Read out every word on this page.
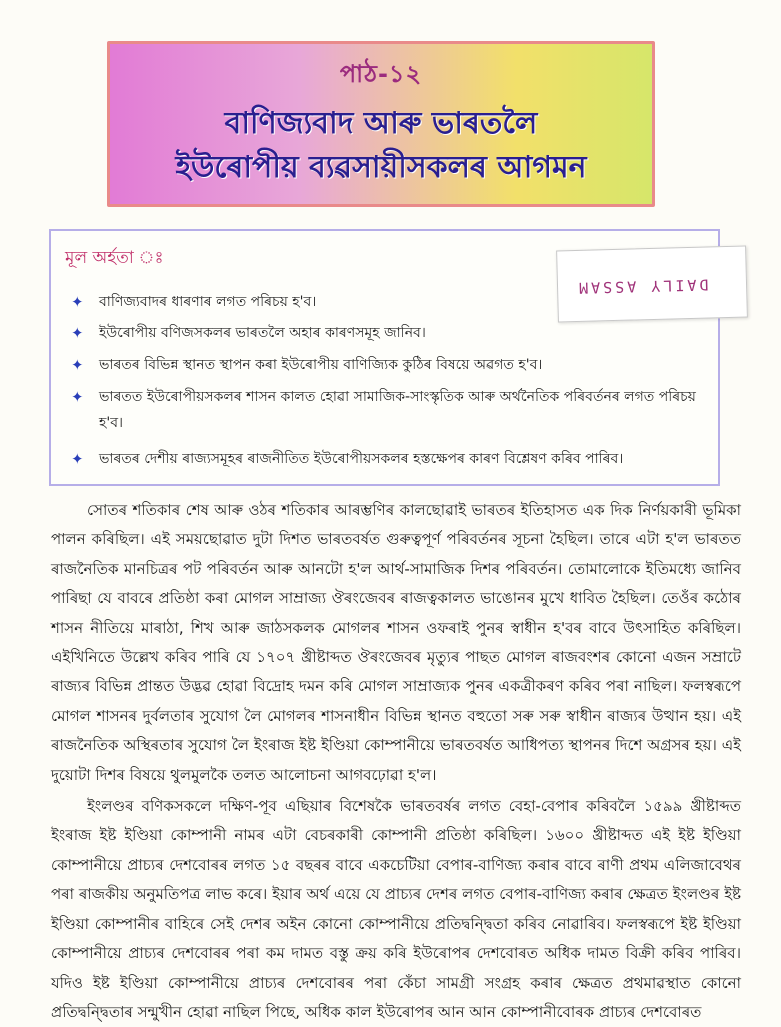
পাঠ-১২
বাণিজ্যবাদ আৰু ভাৰতলৈ
ইউৰোপীয় ব্যৱসায়ীসকলৰ আগমন
মূল অৰ্হতা ঃ
✦	বাণিজ্যবাদৰ ধাৰণাৰ লগত পৰিচয় হ'ব।
✦	ইউৰোপীয় বণিজসকলৰ ভাৰতলৈ অহাৰ কাৰণসমূহ জানিব।
✦	ভাৰতৰ বিভিন্ন স্থানত স্থাপন কৰা ইউৰোপীয় বাণিজ্যিক কুঠিৰ বিষয়ে অৱগত হ'ব।
✦	ভাৰতত ইউৰোপীয়সকলৰ শাসন কালত হোৱা সামাজিক-সাংস্কৃতিক আৰু অৰ্থনৈতিক পৰিবৰ্তনৰ লগত পৰিচয় হ'ব।
✦	ভাৰতৰ দেশীয় ৰাজ্যসমূহৰ ৰাজনীতিত ইউৰোপীয়সকলৰ হস্তক্ষেপৰ কাৰণ বিশ্লেষণ কৰিব পাৰিব।
DAILY ASSAM

সোতৰ শতিকাৰ শেষ আৰু ওঠৰ শতিকাৰ আৰম্ভণিৰ কালছোৱাই ভাৰতৰ ইতিহাসত এক দিক নিৰ্ণয়কাৰী ভূমিকা পালন কৰিছিল। এই সময়ছোৱাত দুটা দিশত ভাৰতবৰ্ষত গুৰুত্বপূৰ্ণ পৰিবৰ্তনৰ সূচনা হৈছিল। তাৰে এটা হ'ল ভাৰতত ৰাজনৈতিক মানচিত্ৰৰ পট পৰিবৰ্তন আৰু আনটো হ'ল আৰ্থ-সামাজিক দিশৰ পৰিবৰ্তন। তোমালোকে ইতিমধ্যে জানিব পাৰিছা যে বাবৰে প্ৰতিষ্ঠা কৰা মোগল সাম্ৰাজ্য ঔৰংজেবৰ ৰাজত্বকালত ভাঙোনৰ মুখে ধাবিত হৈছিল। তেওঁৰ কঠোৰ শাসন নীতিয়ে মাৰাঠা, শিখ আৰু জাঠসকলক মোগলৰ শাসন ওফৰাই পুনৰ স্বাধীন হ'বৰ বাবে উৎসাহিত কৰিছিল। এইখিনিতে উল্লেখ কৰিব পাৰি যে ১৭০৭ খ্ৰীষ্টাব্দত ঔৰংজেবৰ মৃত্যুৰ পাছত মোগল ৰাজবংশৰ কোনো এজন সম্ৰাটে ৰাজ্যৰ বিভিন্ন প্ৰান্তত উদ্ভৱ হোৱা বিদ্ৰোহ দমন কৰি মোগল সাম্ৰাজ্যক পুনৰ একত্ৰীকৰণ কৰিব পৰা নাছিল। ফলস্বৰূপে মোগল শাসনৰ দুৰ্বলতাৰ সুযোগ লৈ মোগলৰ শাসনাধীন বিভিন্ন স্থানত বহুতো সৰু সৰু স্বাধীন ৰাজ্যৰ উত্থান হয়। এই ৰাজনৈতিক অস্থিৰতাৰ সুযোগ লৈ ইংৰাজ ইষ্ট ইণ্ডিয়া কোম্পানীয়ে ভাৰতবৰ্ষত আধিপত্য স্থাপনৰ দিশে অগ্ৰসৰ হয়। এই দুয়োটা দিশৰ বিষয়ে থুলমুলকৈ তলত আলোচনা আগবঢ়োৱা হ'ল।

ইংলণ্ডৰ বণিকসকলে দক্ষিণ-পূব এছিয়াৰ বিশেষকৈ ভাৰতবৰ্ষৰ লগত বেহা-বেপাৰ কৰিবলৈ ১৫৯৯ খ্ৰীষ্টাব্দত ইংৰাজ ইষ্ট ইণ্ডিয়া কোম্পানী নামৰ এটা বেচৰকাৰী কোম্পানী প্ৰতিষ্ঠা কৰিছিল। ১৬০০ খ্ৰীষ্টাব্দত এই ইষ্ট ইণ্ডিয়া কোম্পানীয়ে প্ৰাচ্যৰ দেশবোৰৰ লগত ১৫ বছৰৰ বাবে একচেটিয়া বেপাৰ-বাণিজ্য কৰাৰ বাবে ৰাণী প্ৰথম এলিজাবেথৰ পৰা ৰাজকীয় অনুমতিপত্ৰ লাভ কৰে। ইয়াৰ অৰ্থ এয়ে যে প্ৰাচ্যৰ দেশৰ লগত বেপাৰ-বাণিজ্য কৰাৰ ক্ষেত্ৰত ইংলণ্ডৰ ইষ্ট ইণ্ডিয়া কোম্পানীৰ বাহিৰে সেই দেশৰ অইন কোনো কোম্পানীয়ে প্ৰতিদ্বন্দ্বিতা কৰিব নোৱাৰিব। ফলস্বৰূপে ইষ্ট ইণ্ডিয়া কোম্পানীয়ে প্ৰাচ্যৰ দেশবোৰৰ পৰা কম দামত বস্তু ক্ৰয় কৰি ইউৰোপৰ দেশবোৰত অধিক দামত বিক্ৰী কৰিব পাৰিব। যদিও ইষ্ট ইণ্ডিয়া কোম্পানীয়ে প্ৰাচ্যৰ দেশবোৰৰ পৰা কেঁচা সামগ্ৰী সংগ্ৰহ কৰাৰ ক্ষেত্ৰত প্ৰথমাৱস্থাত কোনো প্ৰতিদ্বন্দ্বিতাৰ সন্মুখীন হোৱা নাছিল পিছে, অধিক কাল ইউৰোপৰ আন আন কোম্পানীবোৰক প্ৰাচ্যৰ দেশবোৰত
